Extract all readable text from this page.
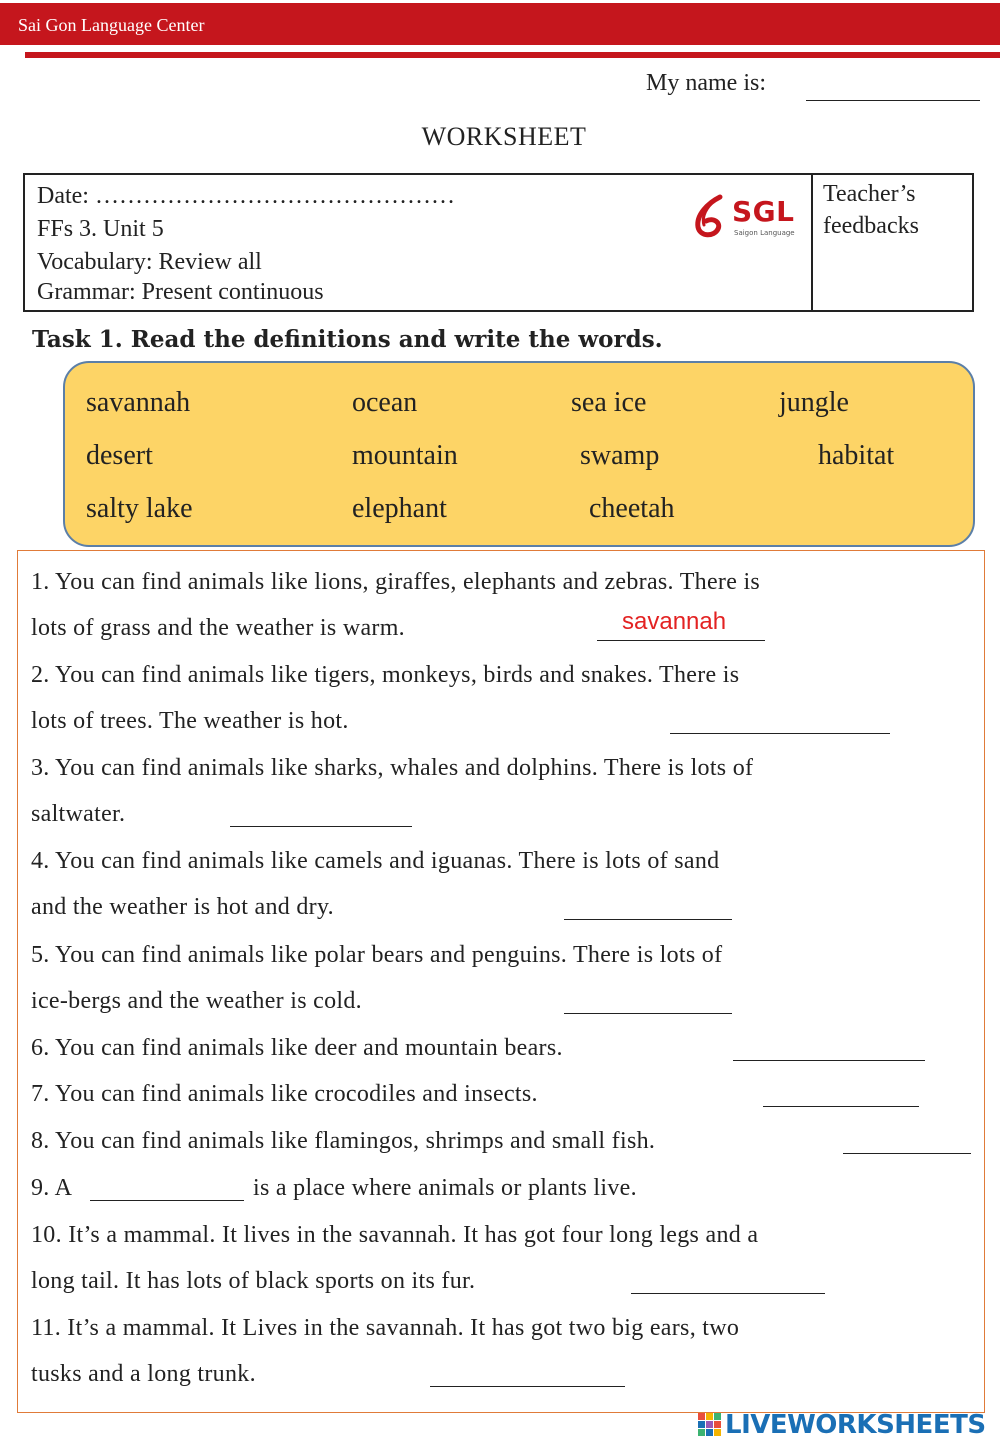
Sai Gon Language Center
My name is:
WORKSHEET
Date: ………………………………………
FFs 3. Unit 5
Vocabulary: Review all
Grammar: Present continuous
SGL
Saigon Language
Teacher’s
feedbacks
Task 1. Read the definitions and write the words.
savannah	ocean	sea ice	jungle
desert	mountain	swamp	habitat
salty lake	elephant	cheetah
1. You can find animals like lions, giraffes, elephants and zebras. There is
lots of grass and the weather is warm.	savannah
2. You can find animals like tigers, monkeys, birds and snakes. There is
lots of trees. The weather is hot.
3. You can find animals like sharks, whales and dolphins. There is lots of
saltwater.
4. You can find animals like camels and iguanas. There is lots of sand
and the weather is hot and dry.
5. You can find animals like polar bears and penguins. There is lots of
ice-bergs and the weather is cold.
6. You can find animals like deer and mountain bears.
7. You can find animals like crocodiles and insects.
8. You can find animals like flamingos, shrimps and small fish.
9. A	is a place where animals or plants live.
10. It’s a mammal. It lives in the savannah. It has got four long legs and a
long tail. It has lots of black sports on its fur.
11. It’s a mammal. It Lives in the savannah. It has got two big ears, two
tusks and a long trunk.
LIVEWORKSHEETS
